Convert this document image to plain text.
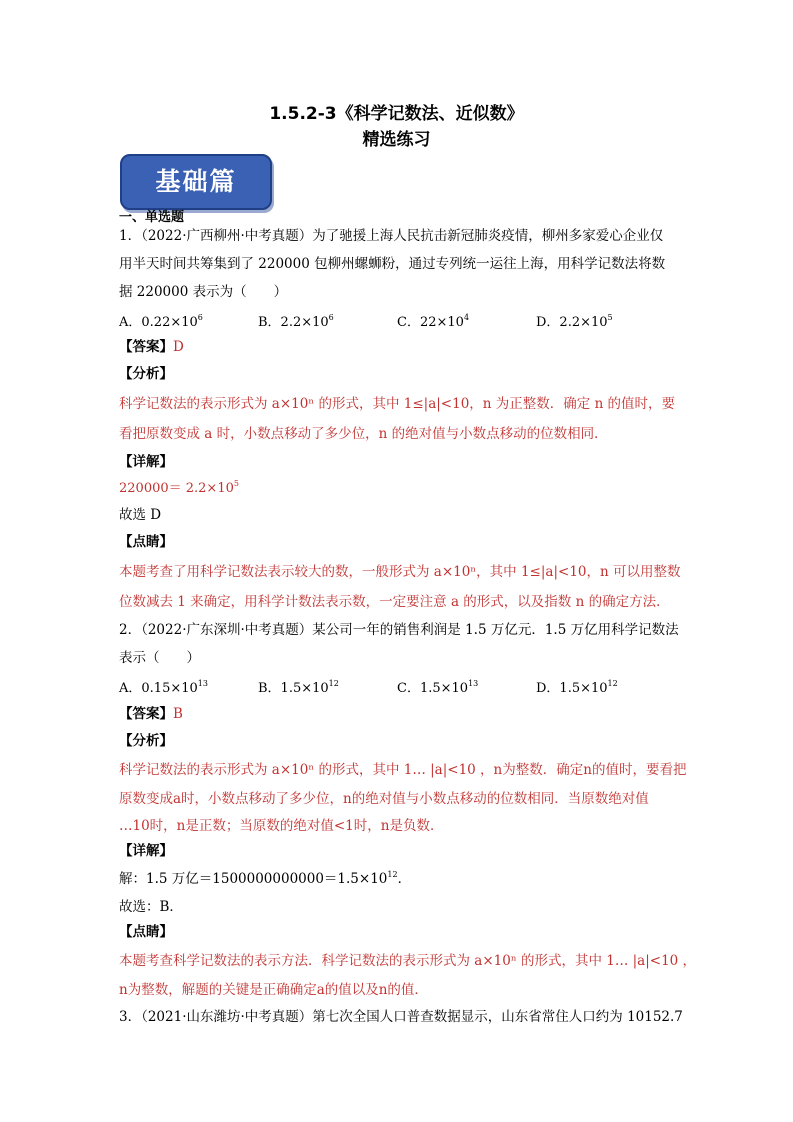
1.5.2-3《科学记数法、近似数》
精选练习
基础篇
一、单选题
1．（2022·广西柳州·中考真题）为了驰援上海人民抗击新冠肺炎疫情，柳州多家爱心企业仅
用半天时间共筹集到了 220000 包柳州螺蛳粉，通过专列统一运往上海，用科学记数法将数
据 220000 表示为（　　）
A．$0.22\times 10^6$	B．$2.2\times 10^6$	C．$22\times 10^4$	D．$2.2\times 10^5$
【答案】D
【分析】
科学记数法的表示形式为 a×10ⁿ 的形式，其中 1≤|a|<10，n 为正整数．确定 n 的值时，要
看把原数变成 a 时，小数点移动了多少位，n 的绝对值与小数点移动的位数相同．
【详解】
$220000= 2.2\times 10^5$
故选 D
【点睛】
本题考查了用科学记数法表示较大的数，一般形式为 a×10ⁿ，其中 1≤|a|<10，n 可以用整数
位数减去 1 来确定，用科学计数法表示数，一定要注意 a 的形式，以及指数 n 的确定方法．
2．（2022·广东深圳·中考真题）某公司一年的销售利润是 1.5 万亿元．1.5 万亿用科学记数法
表示（　　）
A．$0.15\times 10^{13}$	B．$1.5\times 10^{12}$	C．$1.5\times 10^{13}$	D．$1.5\times 10^{12}$
【答案】B
【分析】
科学记数法的表示形式为 a×10ⁿ 的形式，其中 1… |a|<10 ，n为整数．确定n的值时，要看把
原数变成a时，小数点移动了多少位，n的绝对值与小数点移动的位数相同．当原数绝对值
…10时，n是正数；当原数的绝对值<1时，n是负数．
【详解】
解：1.5 万亿$=1500000000000=1.5\times 10^{12}$．
故选：B．
【点睛】
本题考查科学记数法的表示方法．科学记数法的表示形式为 a×10ⁿ 的形式，其中 1… |a|<10 ，
n为整数，解题的关键是正确确定a的值以及n的值．
3．（2021·山东潍坊·中考真题）第七次全国人口普查数据显示，山东省常住人口约为 10152.7
